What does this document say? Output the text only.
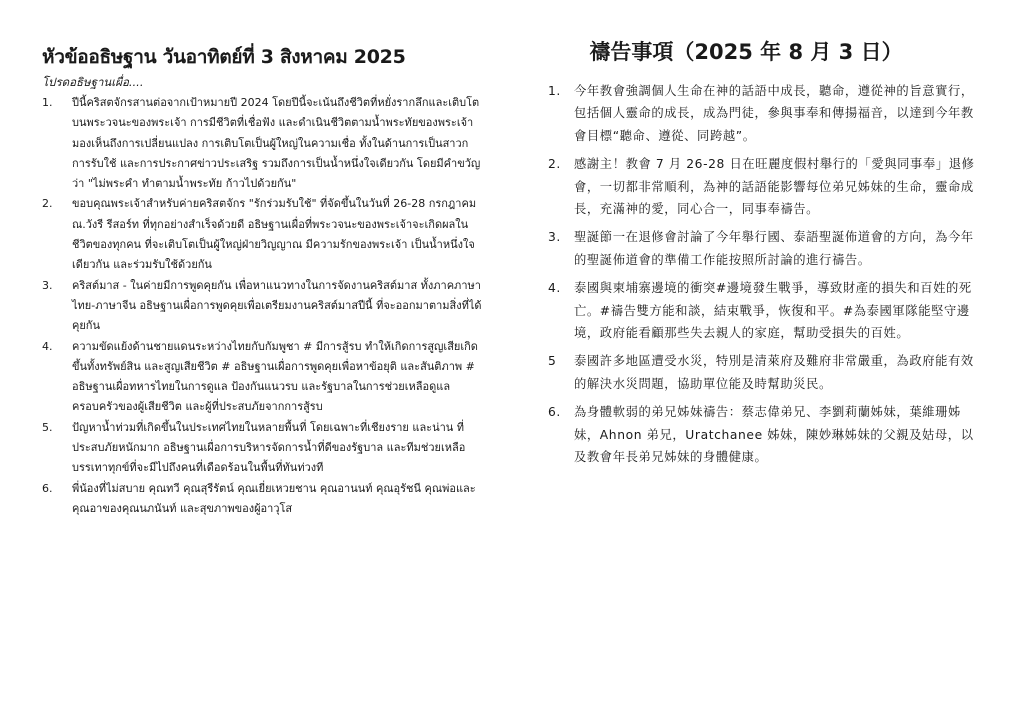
หัวข้ออธิษฐาน วันอาทิตย์ที่ 3 สิงหาคม 2025

โปรดอธิษฐานเผื่อ....

1. ปีนี้คริสตจักรสานต่อจากเป้าหมายปี 2024 โดยปีนี้จะเน้นถึงชีวิตที่หยั่งรากลึกและเติบโตบนพระวจนะของพระเจ้า การมีชีวิตที่เชื่อฟัง และดำเนินชีวิตตามน้ำพระทัยของพระเจ้า มองเห็นถึงการเปลี่ยนแปลง การเติบโตเป็นผู้ใหญ่ในความเชื่อ ทั้งในด้านการเป็นสาวก การรับใช้ และการประกาศข่าวประเสริฐ รวมถึงการเป็นน้ำหนึ่งใจเดียวกัน โดยมีคำขวัญว่า "ไม่พระคำ ทำตามน้ำพระทัย ก้าวไปด้วยกัน"
2. ขอบคุณพระเจ้าสำหรับค่ายคริสตจักร "รักร่วมรับใช้" ที่จัดขึ้นในวันที่ 26-28 กรกฎาคม ณ.วังรี รีสอร์ท ที่ทุกอย่างสำเร็จด้วยดี อธิษฐานเผื่อที่พระวจนะของพระเจ้าจะเกิดผลในชีวิตของทุกคน ที่จะเติบโตเป็นผู้ใหญ่ฝ่ายวิญญาณ มีความรักของพระเจ้า เป็นน้ำหนึ่งใจเดียวกัน และร่วมรับใช้ด้วยกัน
3. คริสต์มาส - ในค่ายมีการพูดคุยกัน เพื่อหาแนวทางในการจัดงานคริสต์มาส ทั้งภาคภาษาไทย-ภาษาจีน อธิษฐานเผื่อการพูดคุยเพื่อเตรียมงานคริสต์มาสปีนี้ ที่จะออกมาตามสิ่งที่ได้คุยกัน
4. ความขัดแย้งด้านชายแดนระหว่างไทยกับกัมพูชา # มีการสู้รบ ทำให้เกิดการสูญเสียเกิดขึ้นทั้งทรัพย์สิน และสูญเสียชีวิต # อธิษฐานเผื่อการพูดคุยเพื่อหาข้อยุติ และสันติภาพ # อธิษฐานเผื่อทหารไทยในการดูแล ป้องกันแนวรบ และรัฐบาลในการช่วยเหลือดูแลครอบครัวของผู้เสียชีวิต และผู้ที่ประสบภัยจากการสู้รบ
5. ปัญหาน้ำท่วมที่เกิดขึ้นในประเทศไทยในหลายพื้นที่ โดยเฉพาะที่เชียงราย และน่าน ที่ประสบภัยหนักมาก อธิษฐานเผื่อการบริหารจัดการน้ำที่ดีของรัฐบาล และทีมช่วยเหลือบรรเทาทุกข์ที่จะมีไปถึงคนที่เดือดร้อนในพื้นที่ทันท่วงที
6. พี่น้องที่ไม่สบาย คุณทวี คุณสุรีรัตน์ คุณเยี่ยเหวยชาน คุณอานนท์ คุณอุรัชนี คุณพ่อและคุณอาของคุณนภนันท์ และสุขภาพของผู้อาวุโส
禱告事項（2025 年 8 月 3 日）
1. 今年教會強調個人生命在神的話語中成長，聽命，遵從神的旨意實行，包括個人靈命的成長，成為門徒，參與事奉和傳揚福音，以達到今年教會目標“聽命、遵從、同跨越”。
2. 感謝主！教會 7 月 26-28 日在旺麗度假村舉行的「愛與同事奉」退修會，一切都非常順利，為神的話語能影響每位弟兄姊妹的生命，靈命成長，充滿神的愛，同心合一，同事奉禱告。
3. 聖誕節一在退修會討論了今年舉行國、泰語聖誕佈道會的方向，為今年的聖誕佈道會的準備工作能按照所討論的進行禱告。
4. 泰國與柬埔寨邊境的衝突#邊境發生戰爭，導致財產的損失和百姓的死亡。#禱告雙方能和談，結束戰爭，恢復和平。#為泰國軍隊能堅守邊境，政府能看顧那些失去親人的家庭，幫助受損失的百姓。
5 泰國許多地區遭受水災，特別是清萊府及難府非常嚴重，為政府能有效的解決水災問題，協助單位能及時幫助災民。
6. 為身體軟弱的弟兄姊妹禱告：蔡志偉弟兄、李劉莉蘭姊妹，葉維珊姊妹，Ahnon 弟兄，Uratchanee 姊妹，陳妙琳姊妹的父親及姑母，以及教會年長弟兄姊妹的身體健康。
